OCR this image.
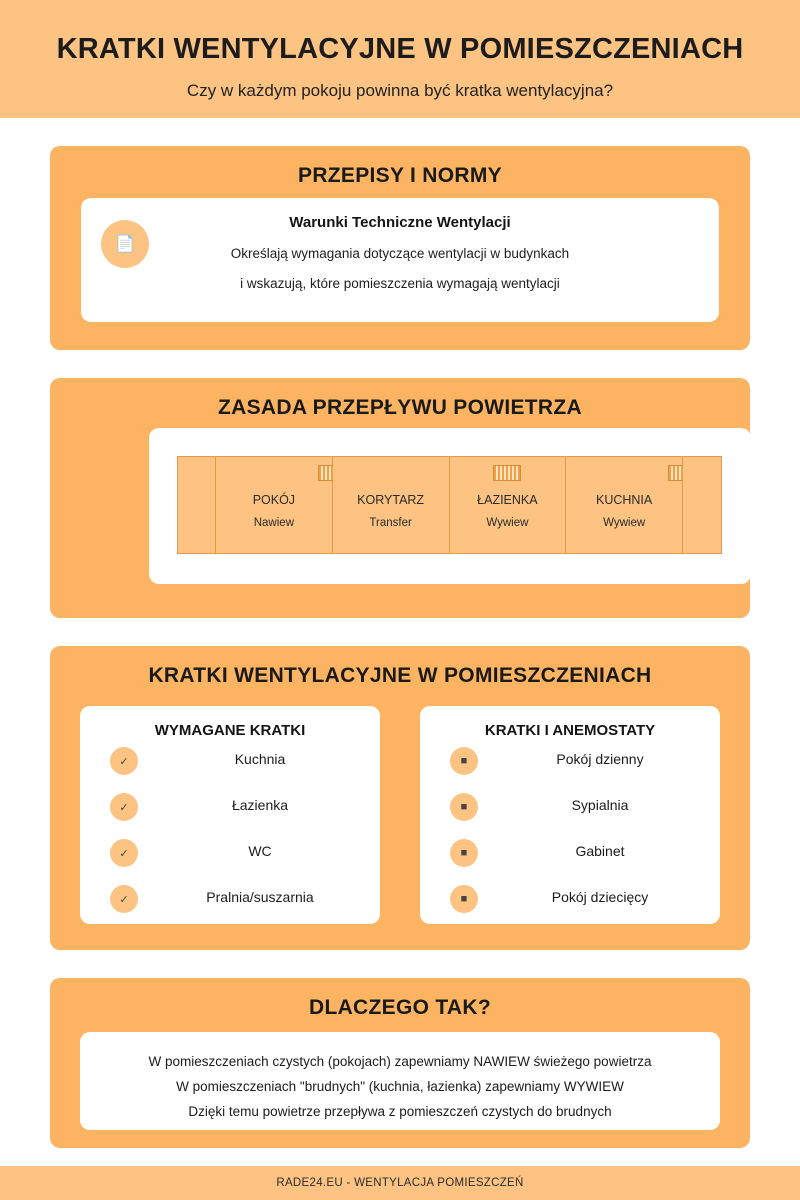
KRATKI WENTYLACYJNE W POMIESZCZENIACH
Czy w każdym pokoju powinna być kratka wentylacyjna?
PRZEPISY I NORMY
📄
Warunki Techniczne Wentylacji
Określają wymagania dotyczące wentylacji w budynkach
i wskazują, które pomieszczenia wymagają wentylacji
ZASADA PRZEPŁYWU POWIETRZA
POKÓJ
Nawiew
KORYTARZ
Transfer
ŁAZIENKA
Wywiew
KUCHNIA
Wywiew
KRATKI WENTYLACYJNE W POMIESZCZENIACH
WYMAGANE KRATKI
✓	Kuchnia
✓	Łazienka
✓	WC
✓	Pralnia/suszarnia
KRATKI I ANEMOSTATY
■	Pokój dzienny
■	Sypialnia
■	Gabinet
■	Pokój dziecięcy
DLACZEGO TAK?
W pomieszczeniach czystych (pokojach) zapewniamy NAWIEW świeżego powietrza
W pomieszczeniach "brudnych" (kuchnia, łazienka) zapewniamy WYWIEW
Dzięki temu powietrze przepływa z pomieszczeń czystych do brudnych
RADE24.EU - WENTYLACJA POMIESZCZEŃ
